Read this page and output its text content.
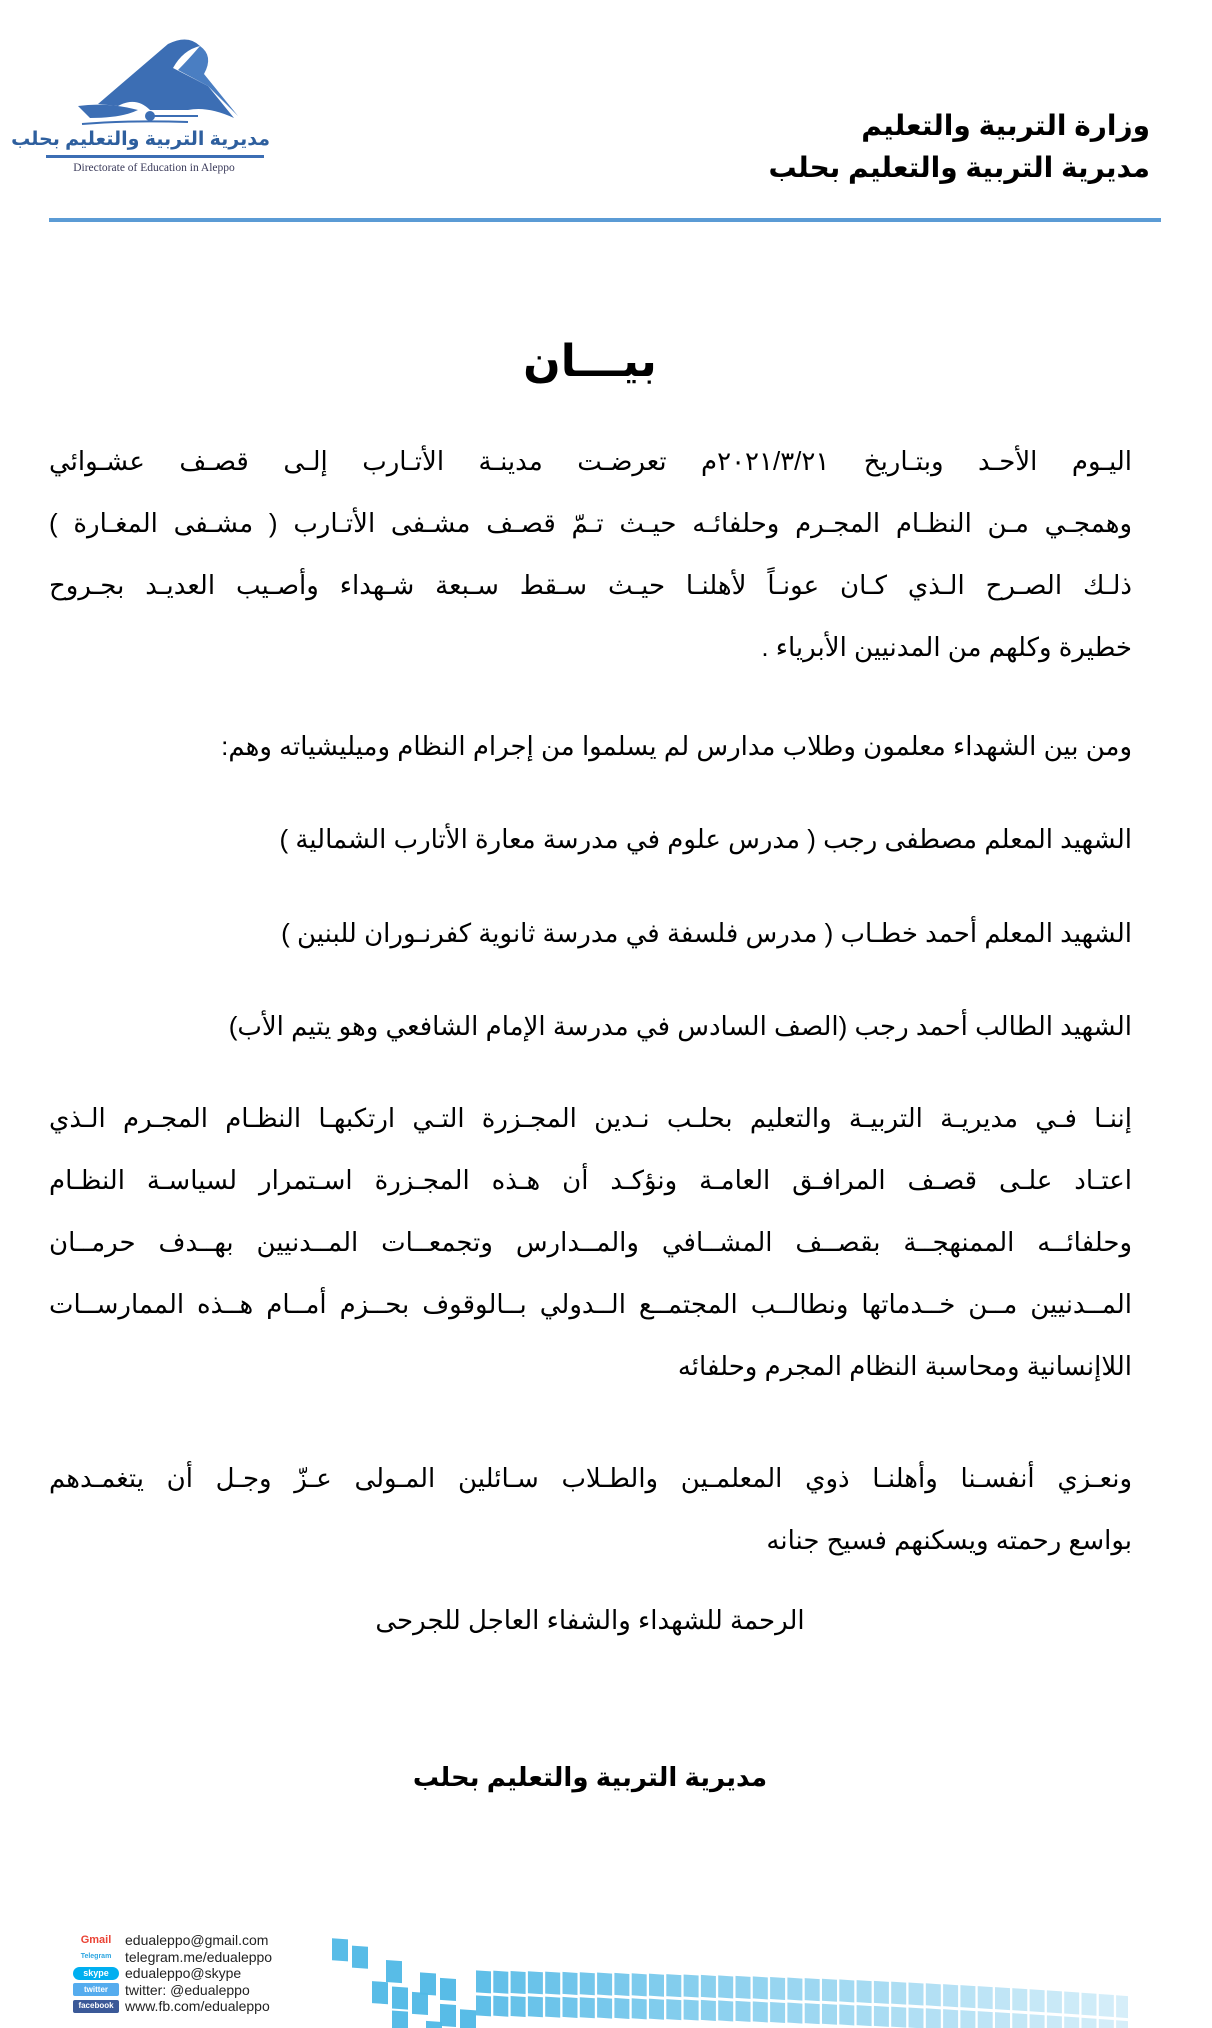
مديرية التربية والتعليم بحلب
Directorate of Education in Aleppo
وزارة التربية والتعليم
مديرية التربية والتعليم بحلب
بيـــان
اليـوم الأحـد وبتـاريخ ٢٠٢١/٣/٢١م تعرضـت مدينـة الأتـارب إلـى قصـف عشـوائي
وهمجـي مـن النظـام المجـرم وحلفائـه حيـث تـمّ قصـف مشـفى الأتـارب ( مشـفى المغـارة )
ذلـك الصـرح الـذي كـان عونـاً لأهلنـا حيـث سـقط سـبعة شـهداء وأصـيب العديـد بجـروح
خطيرة وكلهم من المدنيين الأبرياء .
ومن بين الشهداء معلمون وطلاب مدارس لم يسلموا من إجرام النظام وميليشياته وهم:
الشهيد المعلم مصطفى رجب ( مدرس علوم في مدرسة معارة الأتارب الشمالية )
الشهيد المعلم أحمد خطـاب ( مدرس فلسفة في مدرسة ثانوية كفرنـوران للبنين )
الشهيد الطالب أحمد رجب (الصف السادس في مدرسة الإمام الشافعي وهو يتيم الأب)
إننـا فـي مديريـة التربيـة والتعليم بحلـب نـدين المجـزرة التـي ارتكبهـا النظـام المجـرم الـذي
اعتـاد علـى قصـف المرافـق العامـة ونؤكـد أن هـذه المجـزرة اسـتمرار لسياسـة النظـام
وحلفائــه الممنهجــة بقصــف المشــافي والمــدارس وتجمعــات المــدنيين بهــدف حرمــان
المــدنيين مــن خــدماتها ونطالــب المجتمــع الــدولي بــالوقوف بحــزم أمــام هــذه الممارســات
اللاإنسانية ومحاسبة النظام المجرم وحلفائه
ونعـزي أنفسـنا وأهلنـا ذوي المعلمـين والطـلاب سـائلين المـولى عـزّ وجـل أن يتغمـدهم
بواسع رحمته ويسكنهم فسيح جنانه
الرحمة للشهداء والشفاء العاجل للجرحى
مديرية التربية والتعليم بحلب
Gmail edualeppo@gmail.com
Telegram telegram.me/edualeppo
skype	edualeppo@skype
twitter	twitter: @edualeppo
facebook www.fb.com/edualeppo
